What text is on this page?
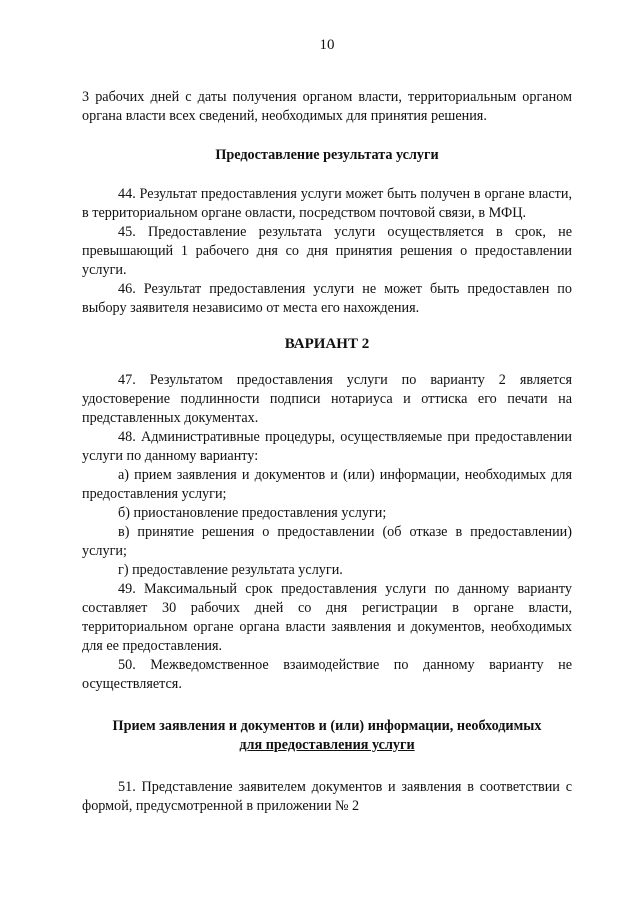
10

3 рабочих дней с даты получения органом власти, территориальным органом органа власти всех сведений, необходимых для принятия решения.

Предоставление результата услуги

44. Результат предоставления услуги может быть получен в органе власти, в территориальном органе овласти, посредством почтовой связи, в МФЦ.

45. Предоставление результата услуги осуществляется в срок, не превышающий 1 рабочего дня со дня принятия решения о предоставлении услуги.

46. Результат предоставления услуги не может быть предоставлен по выбору заявителя независимо от места его нахождения.

ВАРИАНТ 2

47. Результатом предоставления услуги по варианту 2 является удостоверение подлинности подписи нотариуса и оттиска его печати на представленных документах.

48. Административные процедуры, осуществляемые при предоставлении услуги по данному варианту:

а) прием заявления и документов и (или) информации, необходимых для предоставления услуги;

б) приостановление предоставления услуги;

в) принятие решения о предоставлении (об отказе в предоставлении) услуги;

г) предоставление результата услуги.

49. Максимальный срок предоставления услуги по данному варианту составляет 30 рабочих дней со дня регистрации в органе власти, территориальном органе органа власти заявления и документов, необходимых для ее предоставления.

50. Межведомственное взаимодействие по данному варианту не осуществляется.

Прием заявления и документов и (или) информации, необходимых
для предоставления услуги

51. Представление заявителем документов и заявления в соответствии с формой, предусмотренной в приложении № 2
